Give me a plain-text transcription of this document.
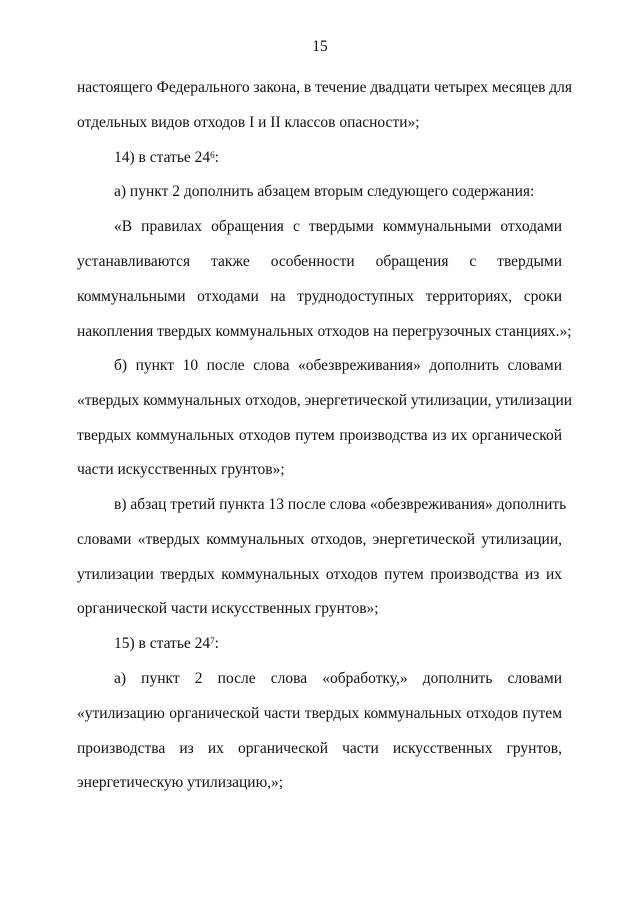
15
настоящего Федерального закона, в течение двадцати четырех месяцев для
отдельных видов отходов I и II классов опасности»;
14) в статье $24^6$:
а) пункт 2 дополнить абзацем вторым следующего содержания:
«В правилах обращения с твердыми коммунальными отходами
устанавливаются также особенности обращения с твердыми
коммунальными отходами на труднодоступных территориях, сроки
накопления твердых коммунальных отходов на перегрузочных станциях.»;
б) пункт 10 после слова «обезвреживания» дополнить словами
«твердых коммунальных отходов, энергетической утилизации, утилизации
твердых коммунальных отходов путем производства из их органической
части искусственных грунтов»;
в) абзац третий пункта 13 после слова «обезвреживания» дополнить
словами «твердых коммунальных отходов, энергетической утилизации,
утилизации твердых коммунальных отходов путем производства из их
органической части искусственных грунтов»;
15) в статье $24^7$:
а) пункт 2 после слова «обработку,» дополнить словами
«утилизацию органической части твердых коммунальных отходов путем
производства из их органической части искусственных грунтов,
энергетическую утилизацию,»;
